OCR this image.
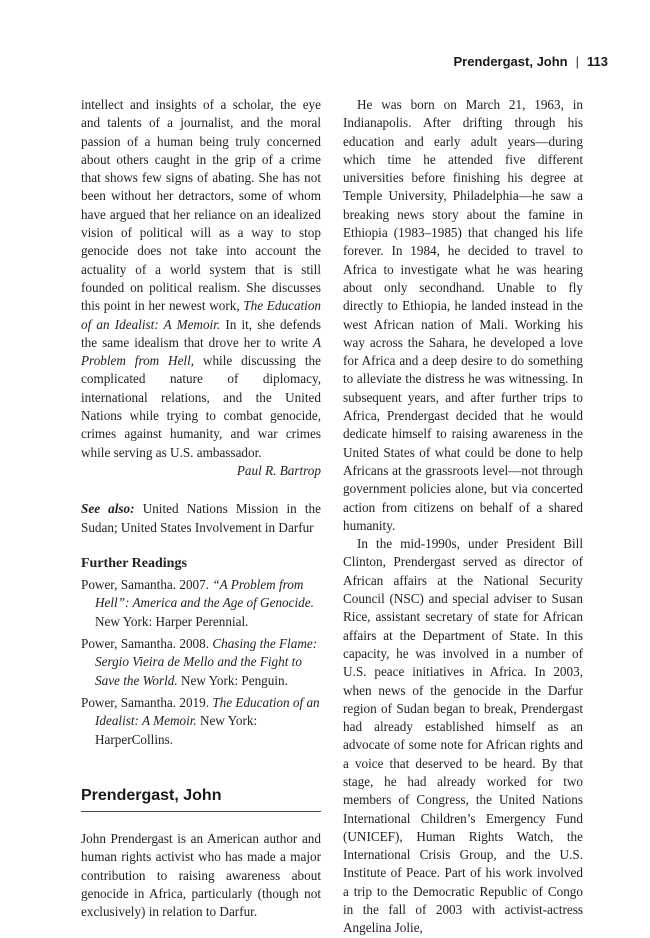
Prendergast, John | 113

intellect and insights of a scholar, the eye and talents of a journalist, and the moral passion of a human being truly concerned about others caught in the grip of a crime that shows few signs of abating. She has not been without her detractors, some of whom have argued that her reliance on an idealized vision of political will as a way to stop genocide does not take into account the actuality of a world system that is still founded on political realism. She discusses this point in her newest work, The Education of an Idealist: A Memoir. In it, she defends the same idealism that drove her to write A Problem from Hell, while discussing the complicated nature of diplomacy, international relations, and the United Nations while trying to combat genocide, crimes against humanity, and war crimes while serving as U.S. ambassador.

Paul R. Bartrop

See also: United Nations Mission in the Sudan; United States Involvement in Darfur

Further Readings

Power, Samantha. 2007. “A Problem from Hell”: America and the Age of Genocide. New York: Harper Perennial.

Power, Samantha. 2008. Chasing the Flame: Sergio Vieira de Mello and the Fight to Save the World. New York: Penguin.

Power, Samantha. 2019. The Education of an Idealist: A Memoir. New York: HarperCollins.

Prendergast, John

John Prendergast is an American author and human rights activist who has made a major contribution to raising awareness about genocide in Africa, particularly (though not exclusively) in relation to Darfur.

He was born on March 21, 1963, in Indianapolis. After drifting through his education and early adult years—during which time he attended five different universities before finishing his degree at Temple University, Philadelphia—he saw a breaking news story about the famine in Ethiopia (1983–1985) that changed his life forever. In 1984, he decided to travel to Africa to investigate what he was hearing about only secondhand. Unable to fly directly to Ethiopia, he landed instead in the west African nation of Mali. Working his way across the Sahara, he developed a love for Africa and a deep desire to do something to alleviate the distress he was witnessing. In subsequent years, and after further trips to Africa, Prendergast decided that he would dedicate himself to raising awareness in the United States of what could be done to help Africans at the grassroots level—not through government policies alone, but via concerted action from citizens on behalf of a shared humanity.

In the mid-1990s, under President Bill Clinton, Prendergast served as director of African affairs at the National Security Council (NSC) and special adviser to Susan Rice, assistant secretary of state for African affairs at the Department of State. In this capacity, he was involved in a number of U.S. peace initiatives in Africa. In 2003, when news of the genocide in the Darfur region of Sudan began to break, Prendergast had already established himself as an advocate of some note for African rights and a voice that deserved to be heard. By that stage, he had already worked for two members of Congress, the United Nations International Children’s Emergency Fund (UNICEF), Human Rights Watch, the International Crisis Group, and the U.S. Institute of Peace. Part of his work involved a trip to the Democratic Republic of Congo in the fall of 2003 with activist-actress Angelina Jolie,
